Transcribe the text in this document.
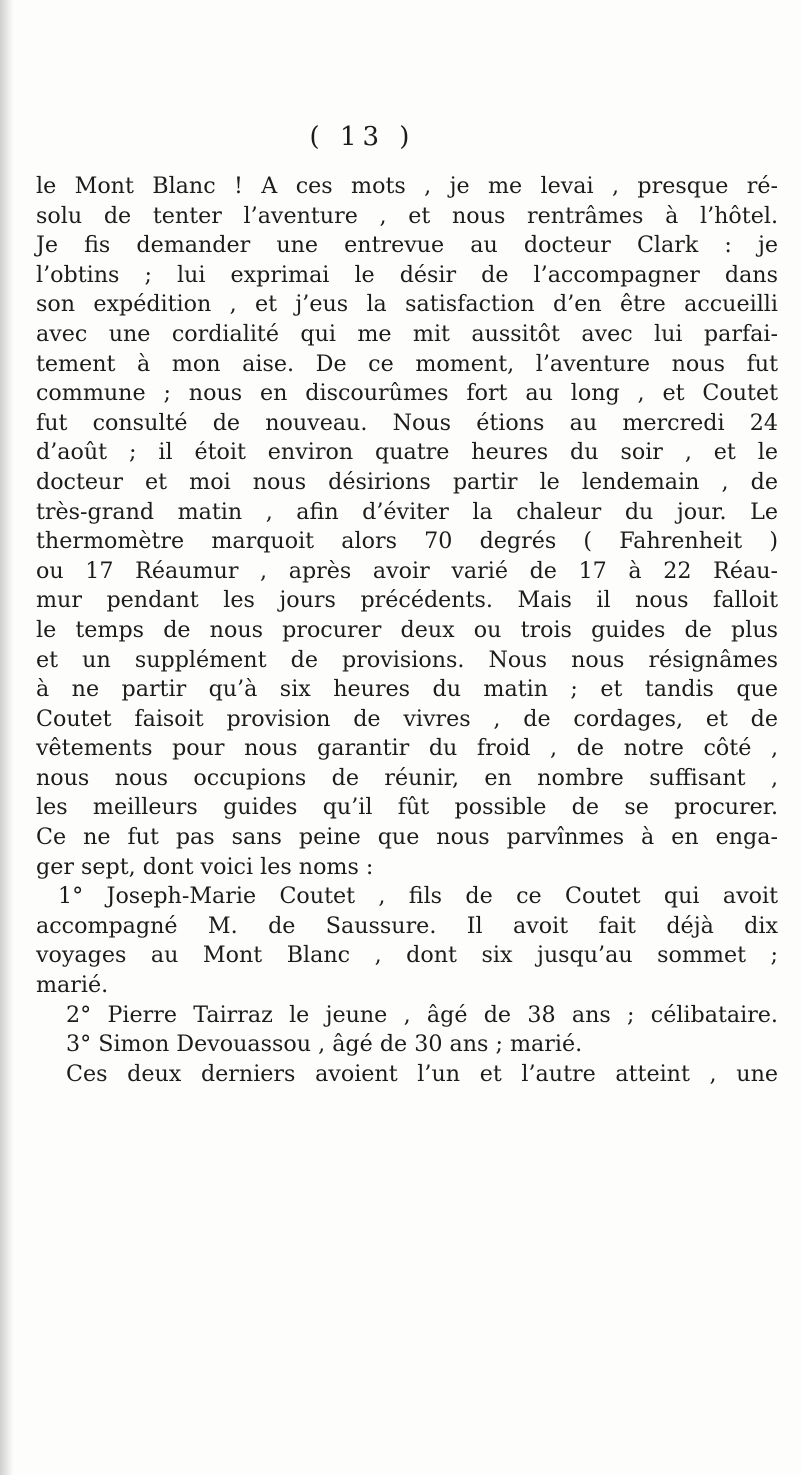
( 13 )
le Mont Blanc ! A ces mots , je me levai , presque ré-
solu de tenter l’aventure , et nous rentrâmes à l’hôtel.
Je fis demander une entrevue au docteur Clark : je
l’obtins ; lui exprimai le désir de l’accompagner dans
son expédition , et j’eus la satisfaction d’en être accueilli
avec une cordialité qui me mit aussitôt avec lui parfai-
tement à mon aise. De ce moment, l’aventure nous fut
commune ; nous en discourûmes fort au long , et Coutet
fut consulté de nouveau. Nous étions au mercredi 24
d’août ; il étoit environ quatre heures du soir , et le
docteur et moi nous désirions partir le lendemain , de
très-grand matin , afin d’éviter la chaleur du jour. Le
thermomètre marquoit alors 70 degrés ( Fahrenheit )
ou 17 Réaumur , après avoir varié de 17 à 22 Réau-
mur pendant les jours précédents. Mais il nous falloit
le temps de nous procurer deux ou trois guides de plus
et un supplément de provisions. Nous nous résignâmes
à ne partir qu’à six heures du matin ; et tandis que
Coutet faisoit provision de vivres , de cordages, et de
vêtements pour nous garantir du froid , de notre côté ,
nous nous occupions de réunir, en nombre suffisant ,
les meilleurs guides qu’il fût possible de se procurer.
Ce ne fut pas sans peine que nous parvînmes à en enga-
ger sept, dont voici les noms :
1° Joseph-Marie Coutet , fils de ce Coutet qui avoit
accompagné M. de Saussure. Il avoit fait déjà dix
voyages au Mont Blanc , dont six jusqu’au sommet ;
marié.
2° Pierre Tairraz le jeune , âgé de 38 ans ; célibataire.
3° Simon Devouassou , âgé de 30 ans ; marié.
Ces deux derniers avoient l’un et l’autre atteint , une
